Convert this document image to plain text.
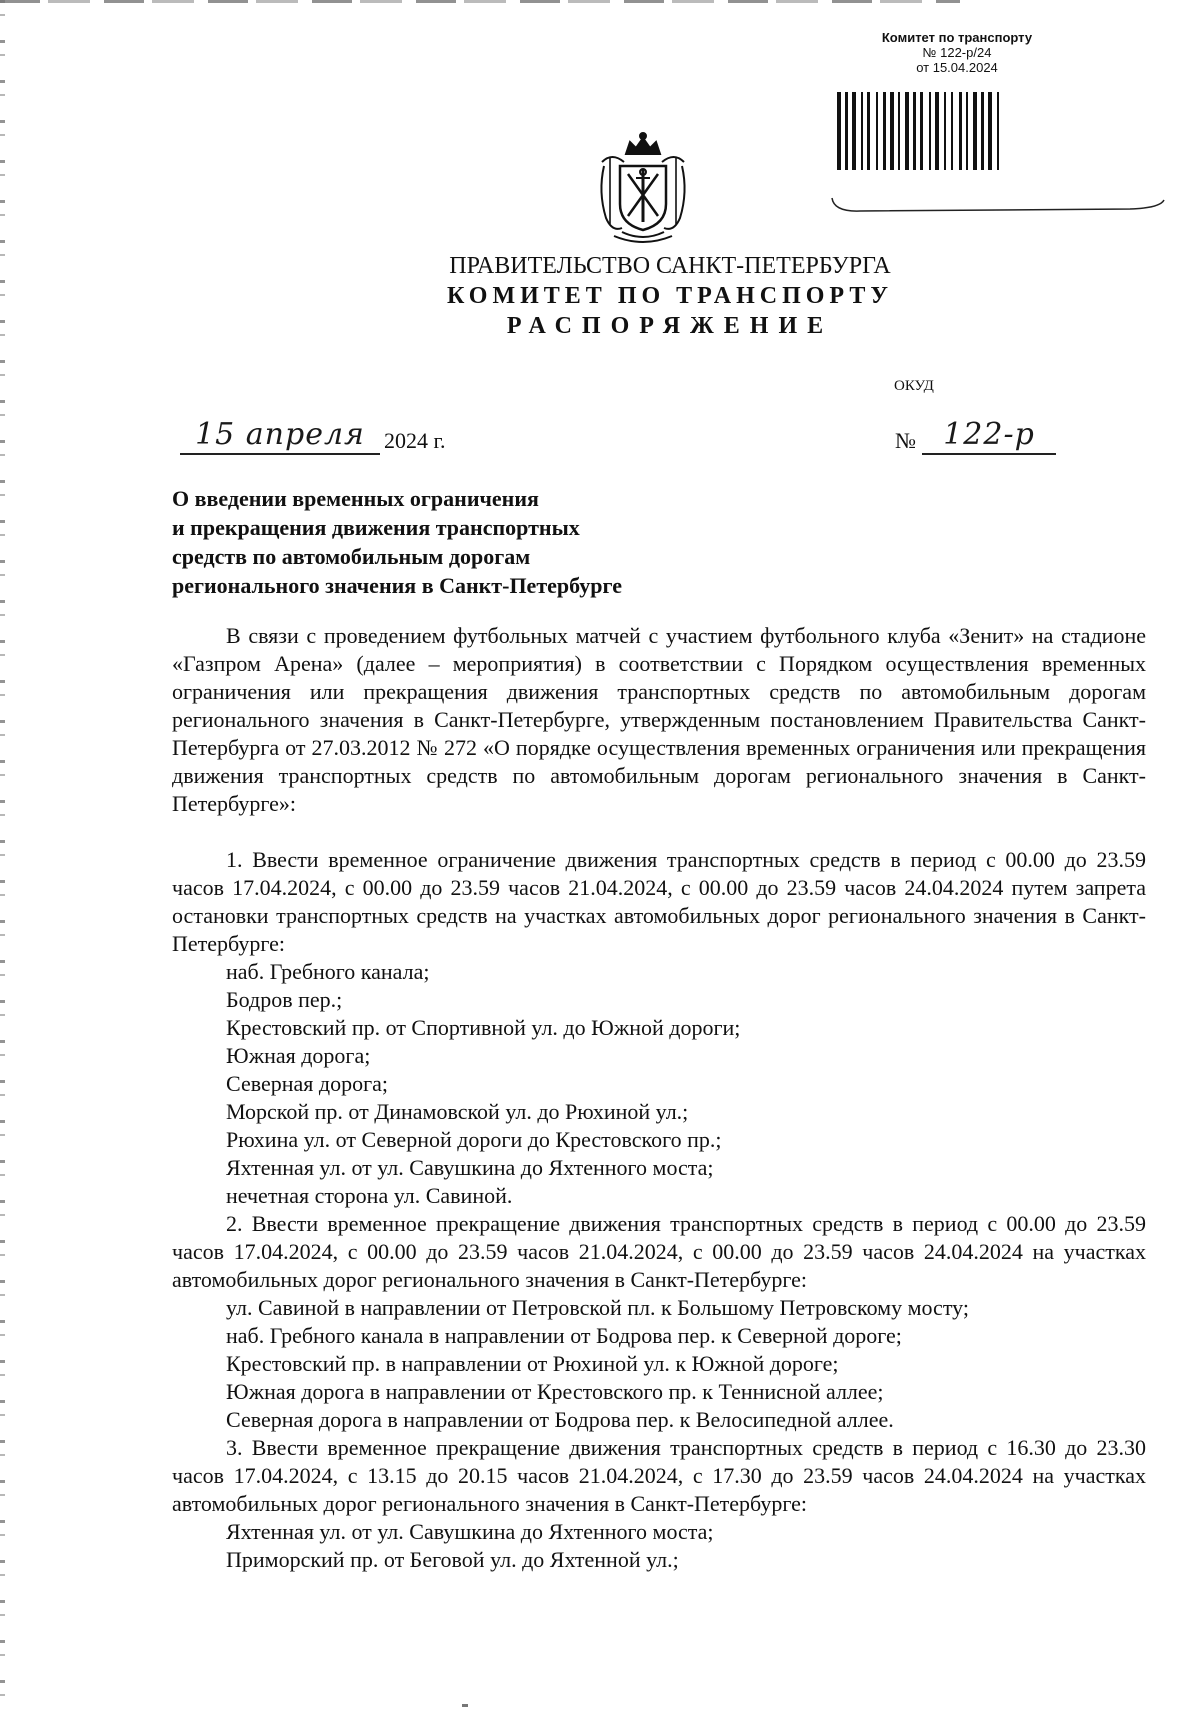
Комитет по транспорту
№ 122-р/24
от 15.04.2024
ПРАВИТЕЛЬСТВО САНКТ-ПЕТЕРБУРГА
КОМИТЕТ ПО ТРАНСПОРТУ
РАСПОРЯЖЕНИЕ
ОКУД
15 апреля 2024 г.	№ 122-р
О введении временных ограничения
и прекращения движения транспортных
средств по автомобильным дорогам
регионального значения в Санкт-Петербурге

В связи с проведением футбольных матчей с участием футбольного клуба «Зенит» на стадионе «Газпром Арена» (далее – мероприятия) в соответствии с Порядком осуществления временных ограничения или прекращения движения транспортных средств по автомобильным дорогам регионального значения в Санкт-Петербурге, утвержденным постановлением Правительства Санкт-Петербурга от 27.03.2012 № 272 «О порядке осуществления временных ограничения или прекращения движения транспортных средств по автомобильным дорогам регионального значения в Санкт-Петербурге»:

1. Ввести временное ограничение движения транспортных средств в период с 00.00 до 23.59 часов 17.04.2024, с 00.00 до 23.59 часов 21.04.2024, с 00.00 до 23.59 часов 24.04.2024 путем запрета остановки транспортных средств на участках автомобильных дорог регионального значения в Санкт-Петербурге:

наб. Гребного канала;
Бодров пер.;
Крестовский пр. от Спортивной ул. до Южной дороги;
Южная дорога;
Северная дорога;
Морской пр. от Динамовской ул. до Рюхиной ул.;
Рюхина ул. от Северной дороги до Крестовского пр.;
Яхтенная ул. от ул. Савушкина до Яхтенного моста;
нечетная сторона ул. Савиной.

2. Ввести временное прекращение движения транспортных средств в период с 00.00 до 23.59 часов 17.04.2024, с 00.00 до 23.59 часов 21.04.2024, с 00.00 до 23.59 часов 24.04.2024 на участках автомобильных дорог регионального значения в Санкт-Петербурге:

ул. Савиной в направлении от Петровской пл. к Большому Петровскому мосту;
наб. Гребного канала в направлении от Бодрова пер. к Северной дороге;
Крестовский пр. в направлении от Рюхиной ул. к Южной дороге;
Южная дорога в направлении от Крестовского пр. к Теннисной аллее;
Северная дорога в направлении от Бодрова пер. к Велосипедной аллее.

3. Ввести временное прекращение движения транспортных средств в период с 16.30 до 23.30 часов 17.04.2024, с 13.15 до 20.15 часов 21.04.2024, с 17.30 до 23.59 часов 24.04.2024 на участках автомобильных дорог регионального значения в Санкт-Петербурге:

Яхтенная ул. от ул. Савушкина до Яхтенного моста;
Приморский пр. от Беговой ул. до Яхтенной ул.;
